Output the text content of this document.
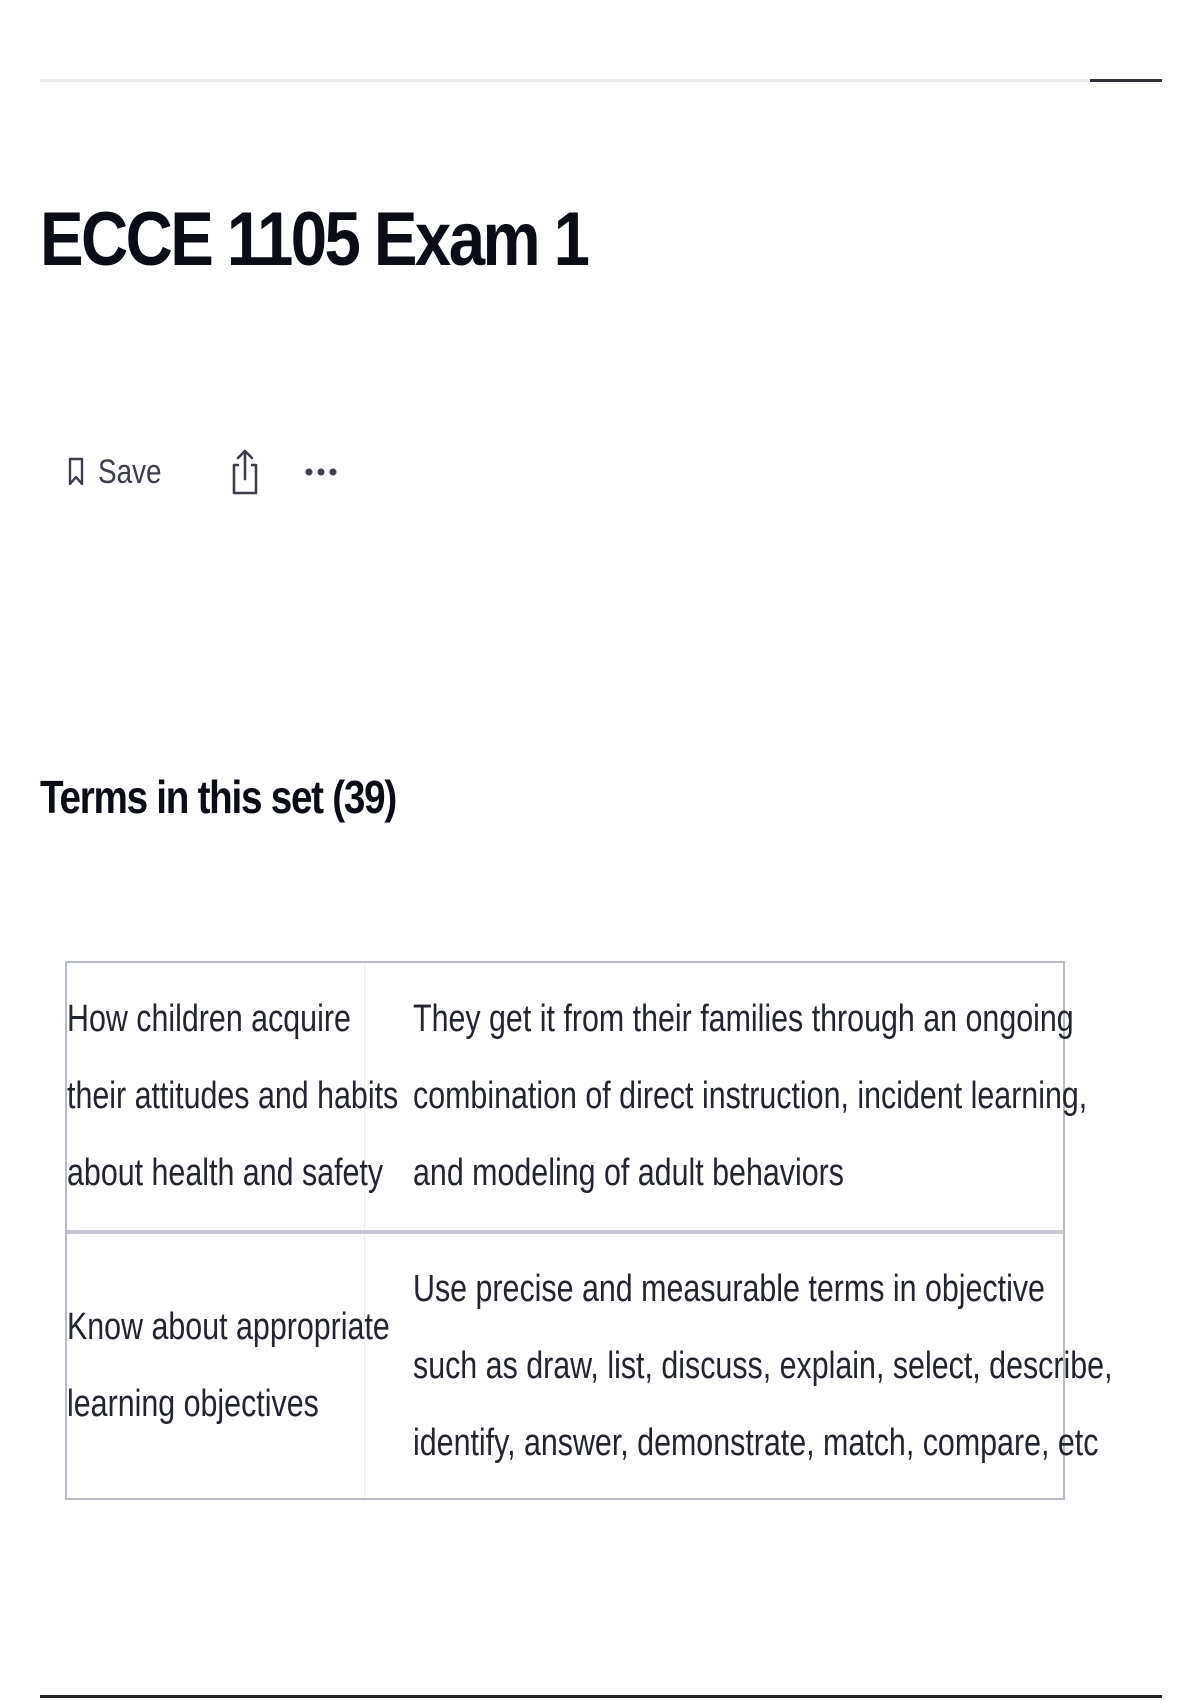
ECCE 1105 Exam 1
Save
Terms in this set (39)
How children acquire
their attitudes and habits
about health and safety
They get it from their families through an ongoing
combination of direct instruction, incident learning,
and modeling of adult behaviors
Know about appropriate
learning objectives
Use precise and measurable terms in objective
such as draw, list, discuss, explain, select, describe,
identify, answer, demonstrate, match, compare, etc
